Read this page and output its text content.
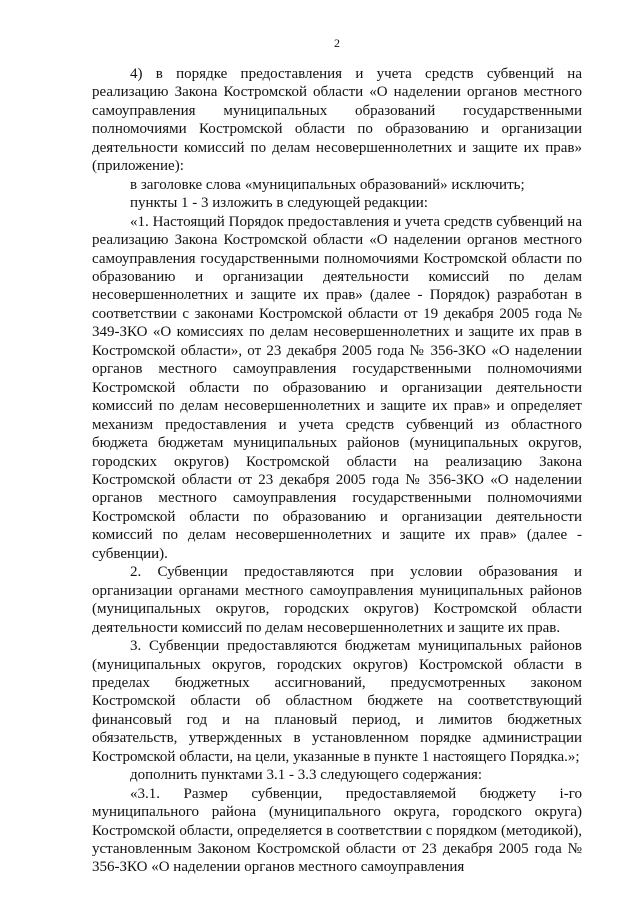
2

4) в порядке предоставления и учета средств субвенций на реализацию Закона Костромской области «О наделении органов местного самоуправления муниципальных образований государственными полномочиями Костромской области по образованию и организации деятельности комиссий по делам несовершеннолетних и защите их прав» (приложение):

в заголовке слова «муниципальных образований» исключить;

пункты 1 - 3 изложить в следующей редакции:

«1. Настоящий Порядок предоставления и учета средств субвенций на реализацию Закона Костромской области «О наделении органов местного самоуправления государственными полномочиями Костромской области по образованию и организации деятельности комиссий по делам несовершеннолетних и защите их прав» (далее - Порядок) разработан в соответствии с законами Костромской области от 19 декабря 2005 года № 349-ЗКО «О комиссиях по делам несовершеннолетних и защите их прав в Костромской области», от 23 декабря 2005 года № 356-ЗКО «О наделении органов местного самоуправления государственными полномочиями Костромской области по образованию и организации деятельности комиссий по делам несовершеннолетних и защите их прав» и определяет механизм предоставления и учета средств субвенций из областного бюджета бюджетам муниципальных районов (муниципальных округов, городских округов) Костромской области на реализацию Закона Костромской области от 23 декабря 2005 года № 356-ЗКО «О наделении органов местного самоуправления государственными полномочиями Костромской области по образованию и организации деятельности комиссий по делам несовершеннолетних и защите их прав» (далее - субвенции).

2. Субвенции предоставляются при условии образования и организации органами местного самоуправления муниципальных районов (муниципальных округов, городских округов) Костромской области деятельности комиссий по делам несовершеннолетних и защите их прав.

3. Субвенции предоставляются бюджетам муниципальных районов (муниципальных округов, городских округов) Костромской области в пределах бюджетных ассигнований, предусмотренных законом Костромской области об областном бюджете на соответствующий финансовый год и на плановый период, и лимитов бюджетных обязательств, утвержденных в установленном порядке администрации Костромской области, на цели, указанные в пункте 1 настоящего Порядка.»;

дополнить пунктами 3.1 - 3.3 следующего содержания:

«3.1. Размер субвенции, предоставляемой бюджету i-го муниципального района (муниципального округа, городского округа) Костромской области, определяется в соответствии с порядком (методикой), установленным Законом Костромской области от 23 декабря 2005 года № 356-ЗКО «О наделении органов местного самоуправления
